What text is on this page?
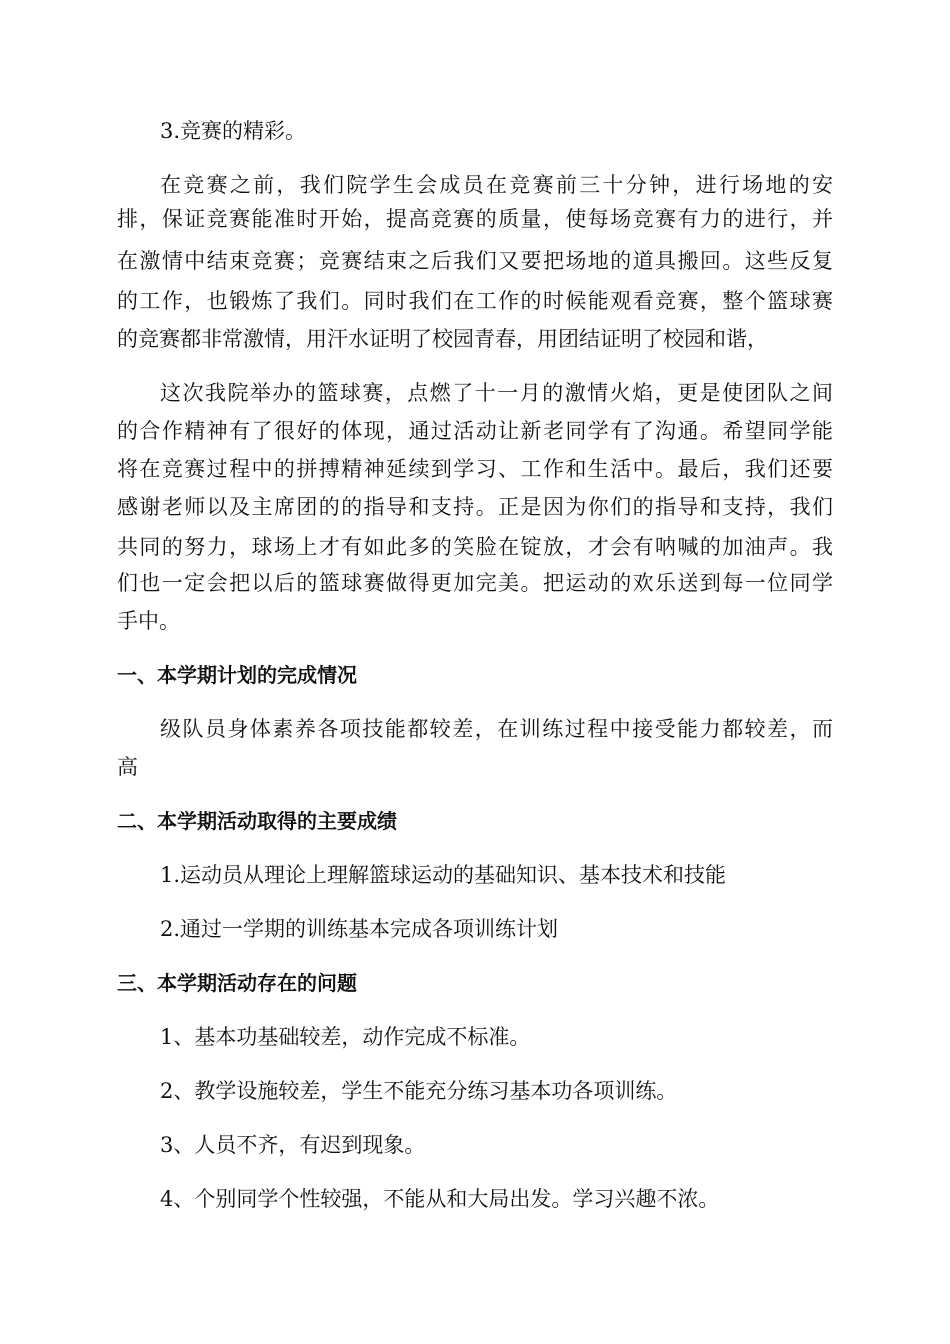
3.竞赛的精彩。
在竞赛之前，我们院学生会成员在竞赛前三十分钟，进行场地的安
排，保证竞赛能准时开始，提高竞赛的质量，使每场竞赛有力的进行，并
在激情中结束竞赛；竞赛结束之后我们又要把场地的道具搬回。这些反复
的工作，也锻炼了我们。同时我们在工作的时候能观看竞赛，整个篮球赛
的竞赛都非常激情，用汗水证明了校园青春，用团结证明了校园和谐，
这次我院举办的篮球赛，点燃了十一月的激情火焰，更是使团队之间
的合作精神有了很好的体现，通过活动让新老同学有了沟通。希望同学能
将在竞赛过程中的拼搏精神延续到学习、工作和生活中。最后，我们还要
感谢老师以及主席团的的指导和支持。正是因为你们的指导和支持，我们
共同的努力，球场上才有如此多的笑脸在锭放，才会有呐喊的加油声。我
们也一定会把以后的篮球赛做得更加完美。把运动的欢乐送到每一位同学
手中。
一、本学期计划的完成情况
级队员身体素养各项技能都较差，在训练过程中接受能力都较差，而
高
二、本学期活动取得的主要成绩
1.运动员从理论上理解篮球运动的基础知识、基本技术和技能
2.通过一学期的训练基本完成各项训练计划
三、本学期活动存在的问题
1、基本功基础较差，动作完成不标准。
2、教学设施较差，学生不能充分练习基本功各项训练。
3、人员不齐，有迟到现象。
4、个别同学个性较强，不能从和大局出发。学习兴趣不浓。
